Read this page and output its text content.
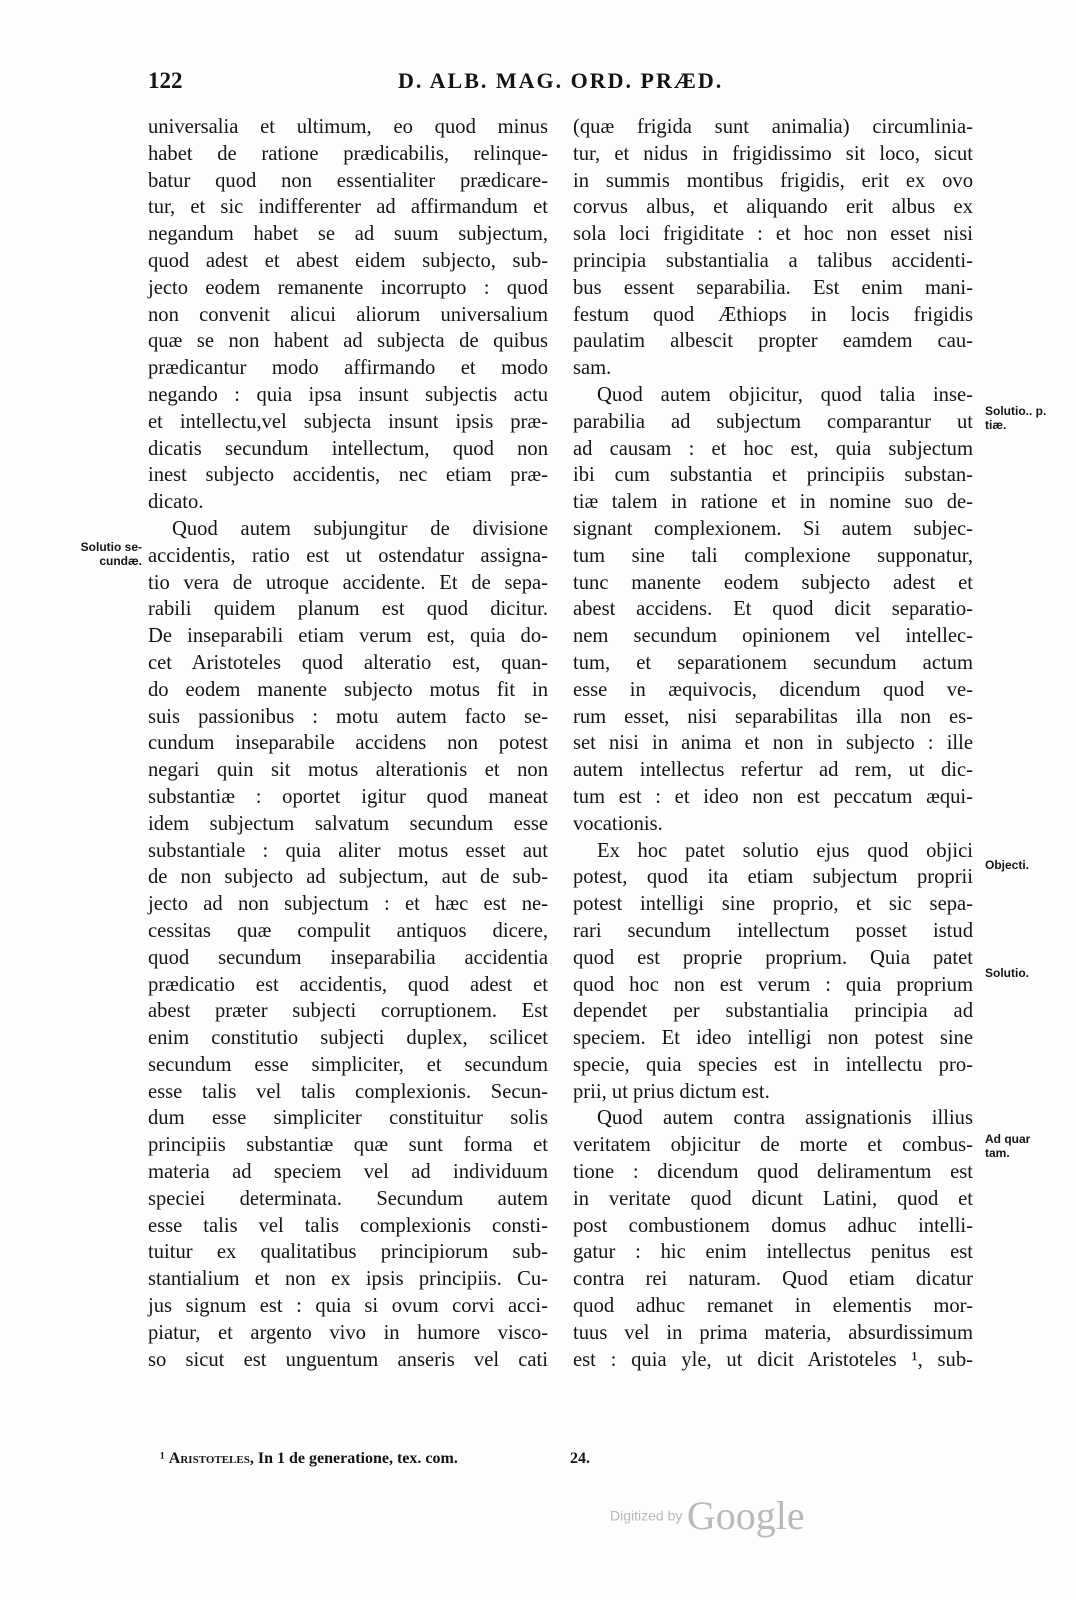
122	D. ALB. MAG. ORD. PRÆD.
universalia et ultimum, eo quod minus
habet de ratione prædicabilis, relinque-
batur quod non essentialiter prædicare-
tur, et sic indifferenter ad affirmandum et
negandum habet se ad suum subjectum,
quod adest et abest eidem subjecto, sub-
jecto eodem remanente incorrupto : quod
non convenit alicui aliorum universalium
quæ se non habent ad subjecta de quibus
prædicantur modo affirmando et modo
negando : quia ipsa insunt subjectis actu
et intellectu,vel subjecta insunt ipsis præ-
dicatis secundum intellectum, quod non
inest subjecto accidentis, nec etiam præ-
dicato.
Quod autem subjungitur de divisione
accidentis, ratio est ut ostendatur assigna-
tio vera de utroque accidente. Et de sepa-
rabili quidem planum est quod dicitur.
De inseparabili etiam verum est, quia do-
cet Aristoteles quod alteratio est, quan-
do eodem manente subjecto motus fit in
suis passionibus : motu autem facto se-
cundum inseparabile accidens non potest
negari quin sit motus alterationis et non
substantiæ : oportet igitur quod maneat
idem subjectum salvatum secundum esse
substantiale : quia aliter motus esset aut
de non subjecto ad subjectum, aut de sub-
jecto ad non subjectum : et hæc est ne-
cessitas quæ compulit antiquos dicere,
quod secundum inseparabilia accidentia
prædicatio est accidentis, quod adest et
abest præter subjecti corruptionem. Est
enim constitutio subjecti duplex, scilicet
secundum esse simpliciter, et secundum
esse talis vel talis complexionis. Secun-
dum esse simpliciter constituitur solis
principiis substantiæ quæ sunt forma et
materia ad speciem vel ad individuum
speciei determinata. Secundum autem
esse talis vel talis complexionis consti-
tuitur ex qualitatibus principiorum sub-
stantialium et non ex ipsis principiis. Cu-
jus signum est : quia si ovum corvi acci-
piatur, et argento vivo in humore visco-
so sicut est unguentum anseris vel cati
(quæ frigida sunt animalia) circumlinia-
tur, et nidus in frigidissimo sit loco, sicut
in summis montibus frigidis, erit ex ovo
corvus albus, et aliquando erit albus ex
sola loci frigiditate : et hoc non esset nisi
principia substantialia a talibus accidenti-
bus essent separabilia. Est enim mani-
festum quod Æthiops in locis frigidis
paulatim albescit propter eamdem cau-
sam.
Quod autem objicitur, quod talia inse-
parabilia ad subjectum comparantur ut
ad causam : et hoc est, quia subjectum
ibi cum substantia et principiis substan-
tiæ talem in ratione et in nomine suo de-
signant complexionem. Si autem subjec-
tum sine tali complexione supponatur,
tunc manente eodem subjecto adest et
abest accidens. Et quod dicit separatio-
nem secundum opinionem vel intellec-
tum, et separationem secundum actum
esse in æquivocis, dicendum quod ve-
rum esset, nisi separabilitas illa non es-
set nisi in anima et non in subjecto : ille
autem intellectus refertur ad rem, ut dic-
tum est : et ideo non est peccatum æqui-
vocationis.
Ex hoc patet solutio ejus quod objici
potest, quod ita etiam subjectum proprii
potest intelligi sine proprio, et sic sepa-
rari secundum intellectum posset istud
quod est proprie proprium. Quia patet
quod hoc non est verum : quia proprium
dependet per substantialia principia ad
speciem. Et ideo intelligi non potest sine
specie, quia species est in intellectu pro-
prii, ut prius dictum est.
Quod autem contra assignationis illius
veritatem objicitur de morte et combus-
tione : dicendum quod deliramentum est
in veritate quod dicunt Latini, quod et
post combustionem domus adhuc intelli-
gatur : hic enim intellectus penitus est
contra rei naturam. Quod etiam dicatur
quod adhuc remanet in elementis mor-
tuus vel in prima materia, absurdissimum
est : quia yle, ut dicit Aristoteles ¹, sub-
Solutio se-
cundæ.
Solutio.. p.
tiæ.
Objecti.
Solutio.
Ad quar
tam.
¹ Aristoteles, In 1 de generatione, tex. com.	24.
Digitized by Google
